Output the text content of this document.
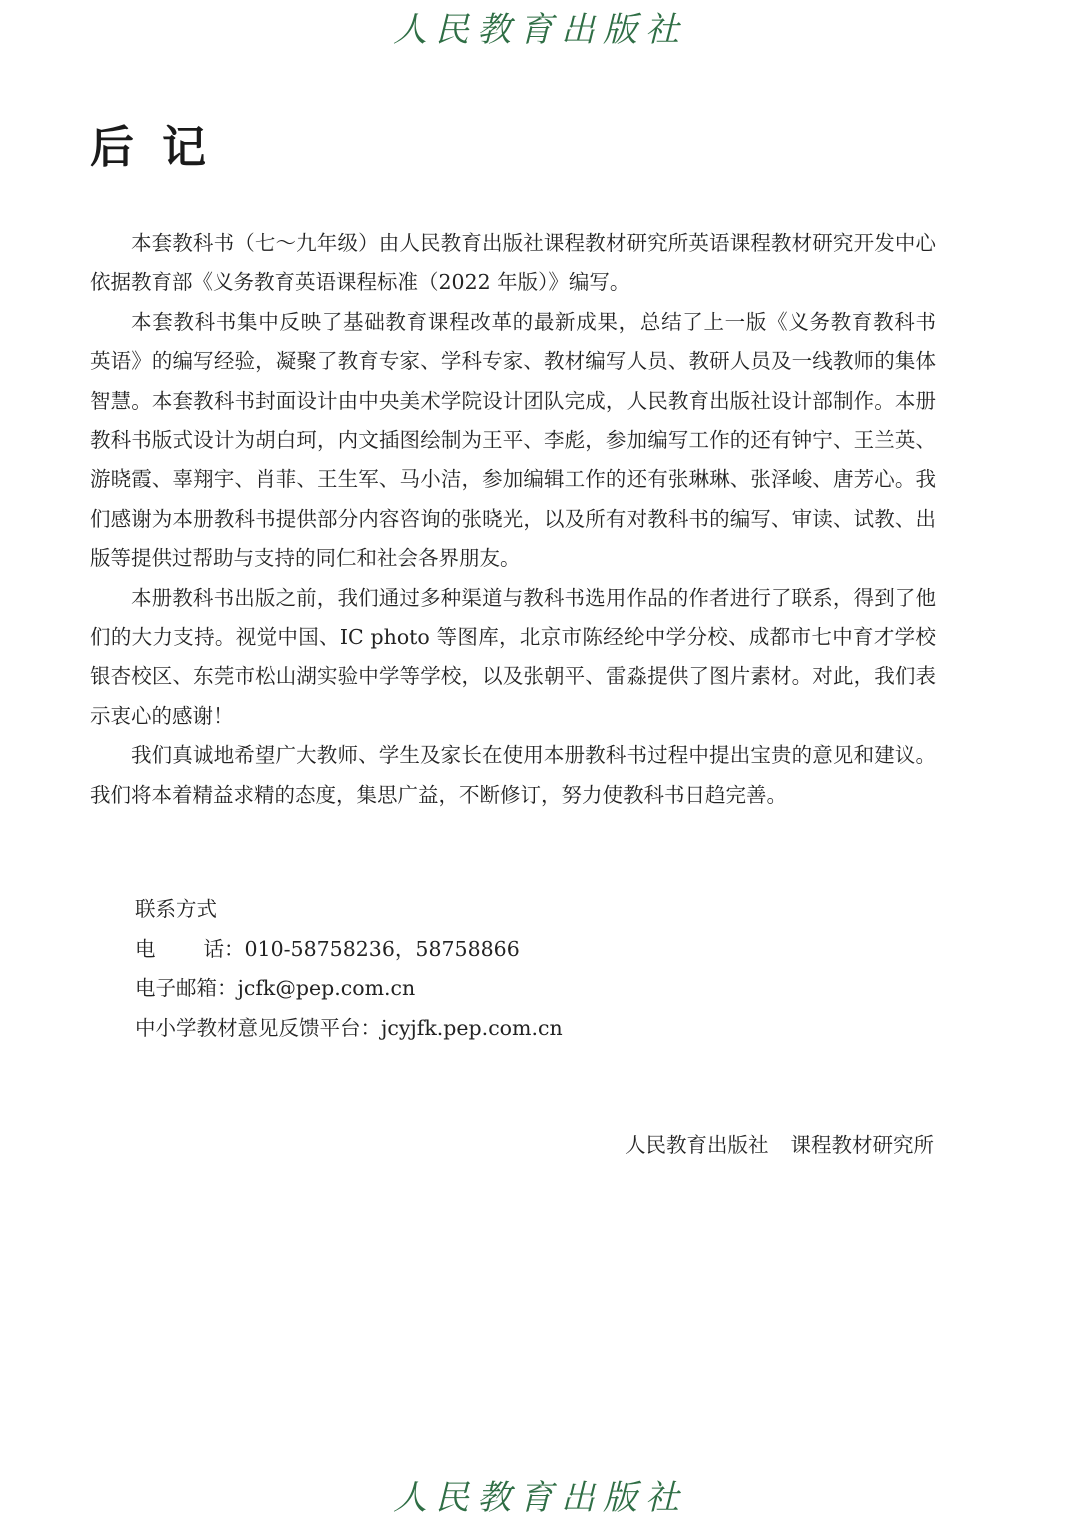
人民教育出版社
后记

本套教科书（七～九年级）由人民教育出版社课程教材研究所英语课程教材研究开发中心依据教育部《义务教育英语课程标准（2022 年版）》编写。

本套教科书集中反映了基础教育课程改革的最新成果，总结了上一版《义务教育教科书　英语》的编写经验，凝聚了教育专家、学科专家、教材编写人员、教研人员及一线教师的集体智慧。本套教科书封面设计由中央美术学院设计团队完成，人民教育出版社设计部制作。本册教科书版式设计为胡白珂，内文插图绘制为王平、李彪，参加编写工作的还有钟宁、王兰英、游晓霞、辜翔宇、肖菲、王生军、马小洁，参加编辑工作的还有张琳琳、张泽峻、唐芳心。我们感谢为本册教科书提供部分内容咨询的张晓光，以及所有对教科书的编写、审读、试教、出版等提供过帮助与支持的同仁和社会各界朋友。

本册教科书出版之前，我们通过多种渠道与教科书选用作品的作者进行了联系，得到了他们的大力支持。视觉中国、IC photo 等图库，北京市陈经纶中学分校、成都市七中育才学校银杏校区、东莞市松山湖实验中学等学校，以及张朝平、雷淼提供了图片素材。对此，我们表示衷心的感谢！

我们真诚地希望广大教师、学生及家长在使用本册教科书过程中提出宝贵的意见和建议。我们将本着精益求精的态度，集思广益，不断修订，努力使教科书日趋完善。

联系方式
电话：010-58758236，58758866
电子邮箱：jcfk@pep.com.cn
中小学教材意见反馈平台：jcyjfk.pep.com.cn
人民教育出版社 课程教材研究所
人民教育出版社
